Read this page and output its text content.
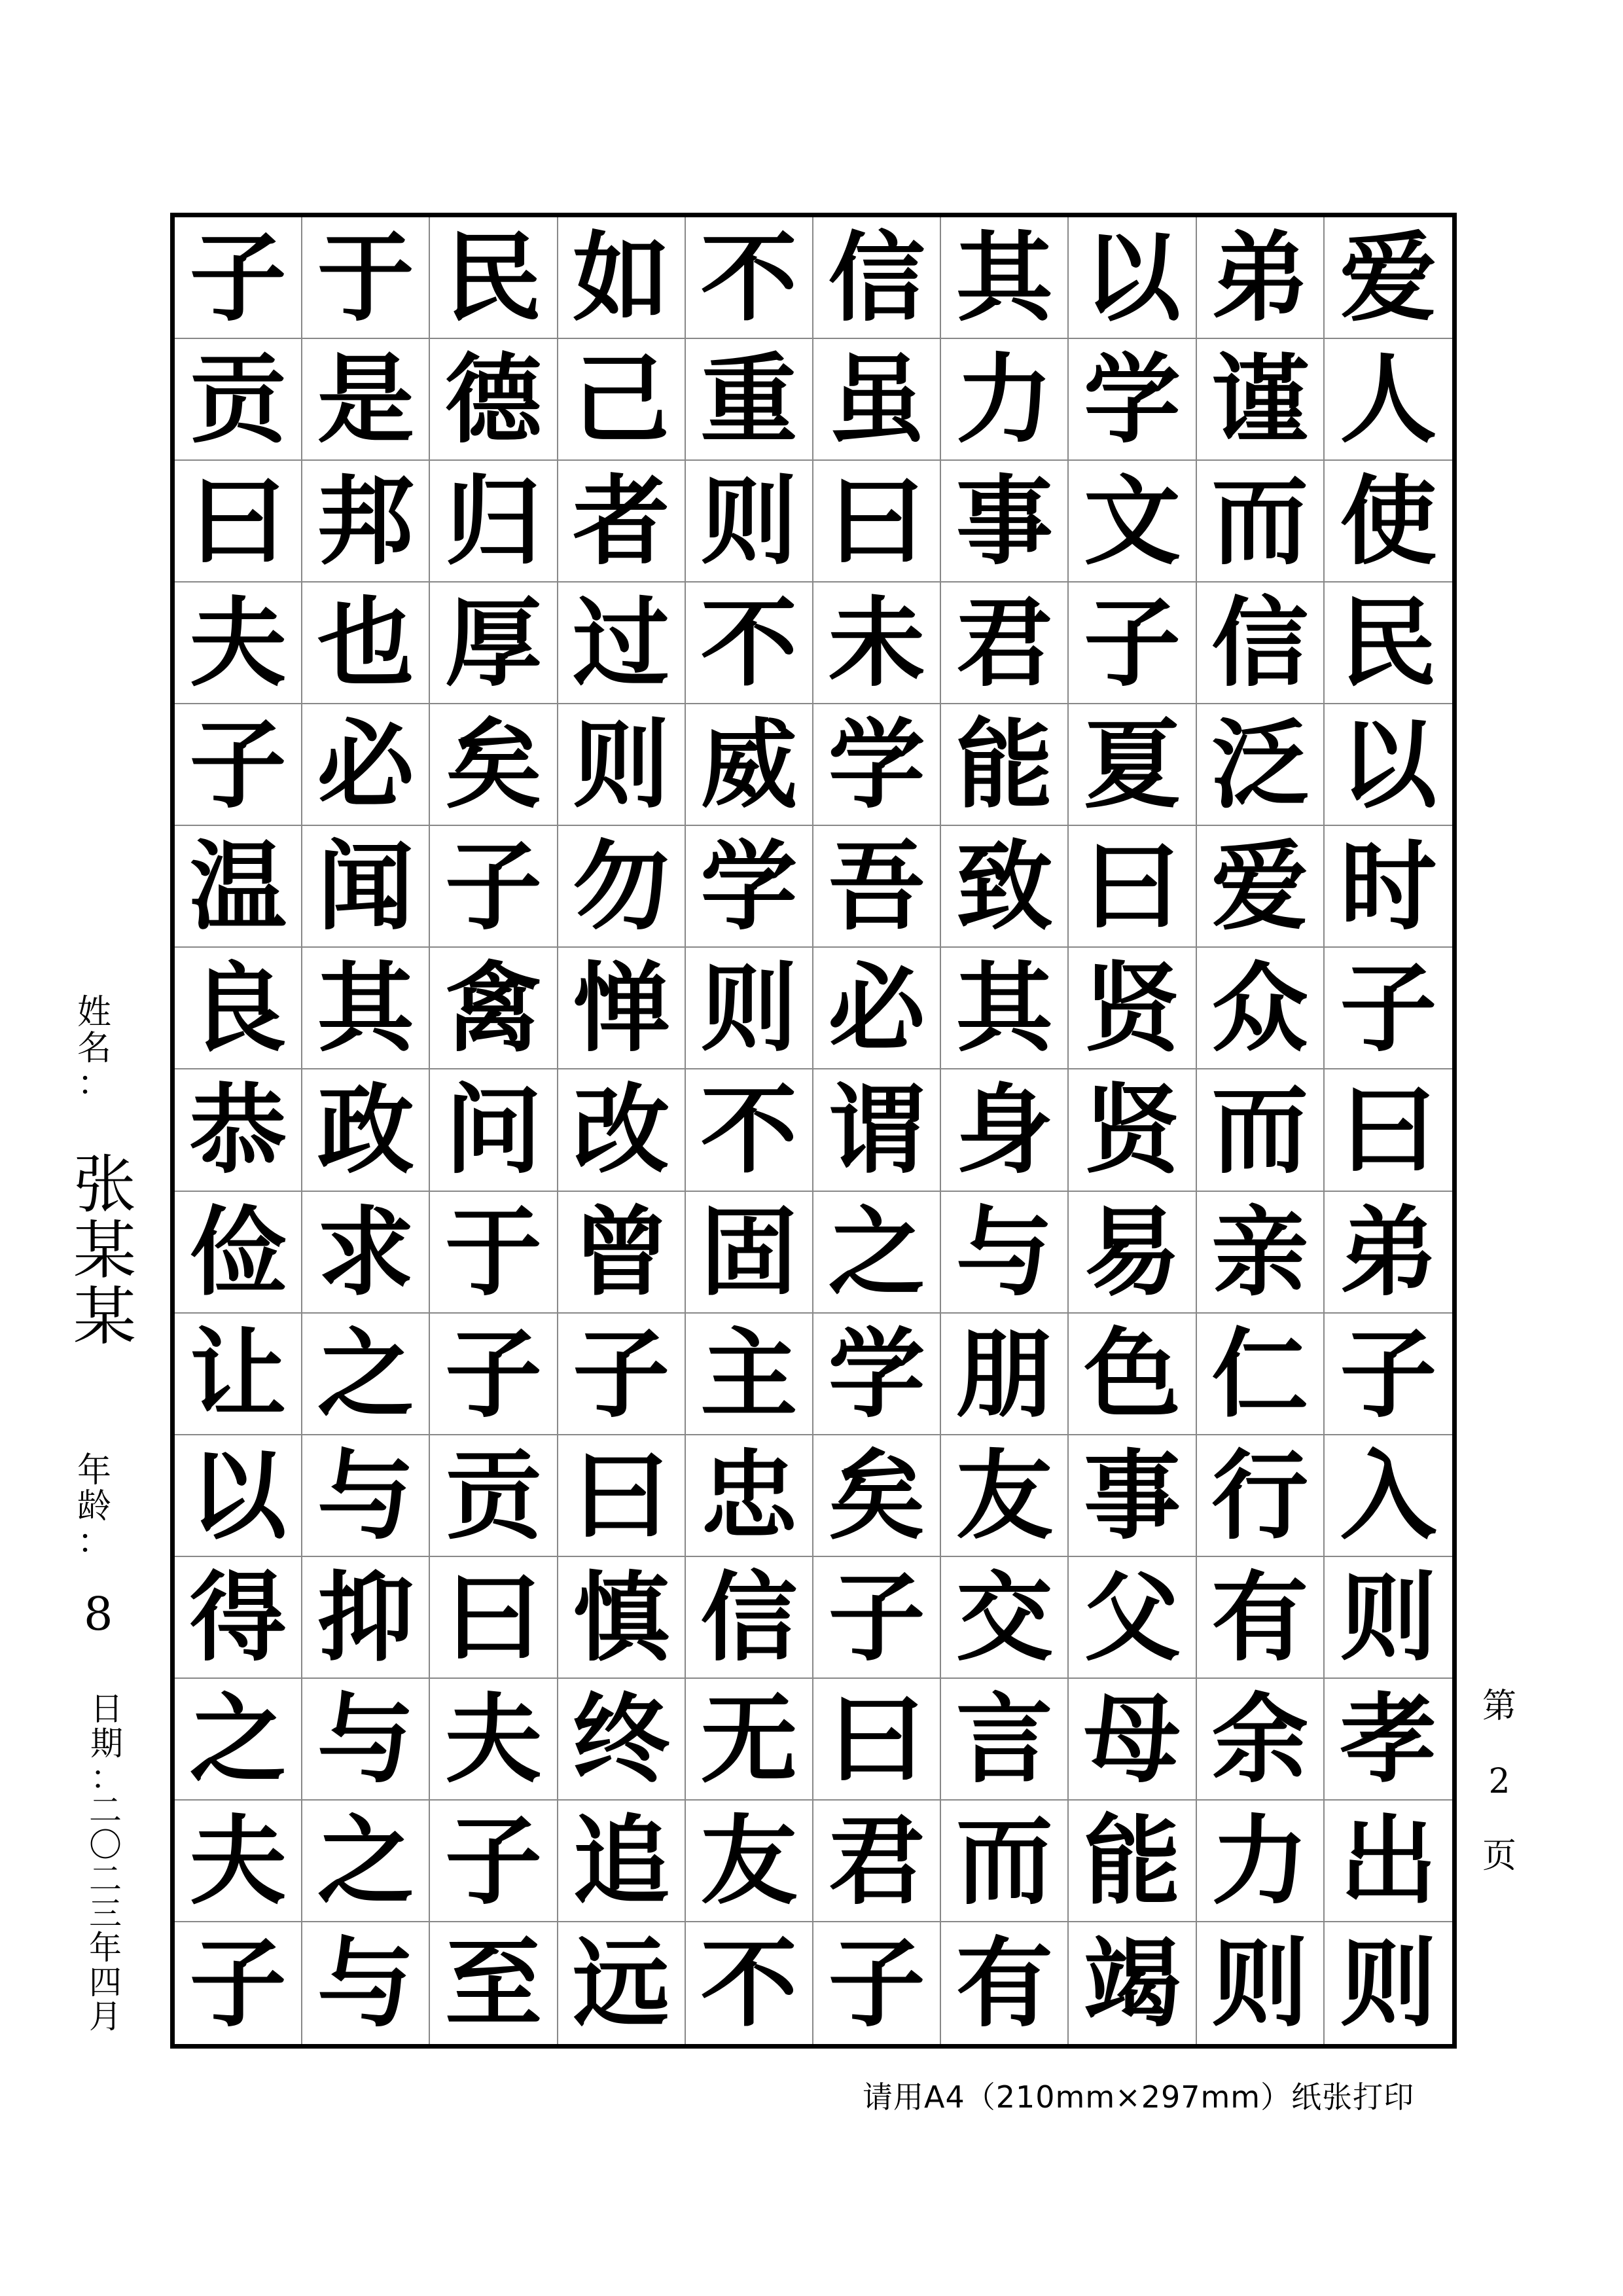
子 于 民 如 不 信 其 以 弟 爱
贡 是 德 己 重 虽 力 学 谨 人
曰 邦 归 者 则 曰 事 文 而 使
夫 也 厚 过 不 未 君 子 信 民
子 必 矣 则 威 学 能 夏 泛 以
温 闻 子 勿 学 吾 致 曰 爱 时
良 其 禽 惮 则 必 其 贤 众 子
恭 政 问 改 不 谓 身 贤 而 曰
俭 求 于 曾 固 之 与 易 亲 弟
让 之 子 子 主 学 朋 色 仁 子
以 与 贡 曰 忠 矣 友 事 行 入
得 抑 曰 慎 信 子 交 父 有 则
之 与 夫 终 无 曰 言 母 余 孝
夫 之 子 追 友 君 而 能 力 出
子 与 至 远 不 子 有 竭 则 则
姓
名
：
张
某
某
年
龄
：
8
日
期
：
二
〇
二
三
年
四
月
第
2
页
请用A4（210mm×297mm）纸张打印
